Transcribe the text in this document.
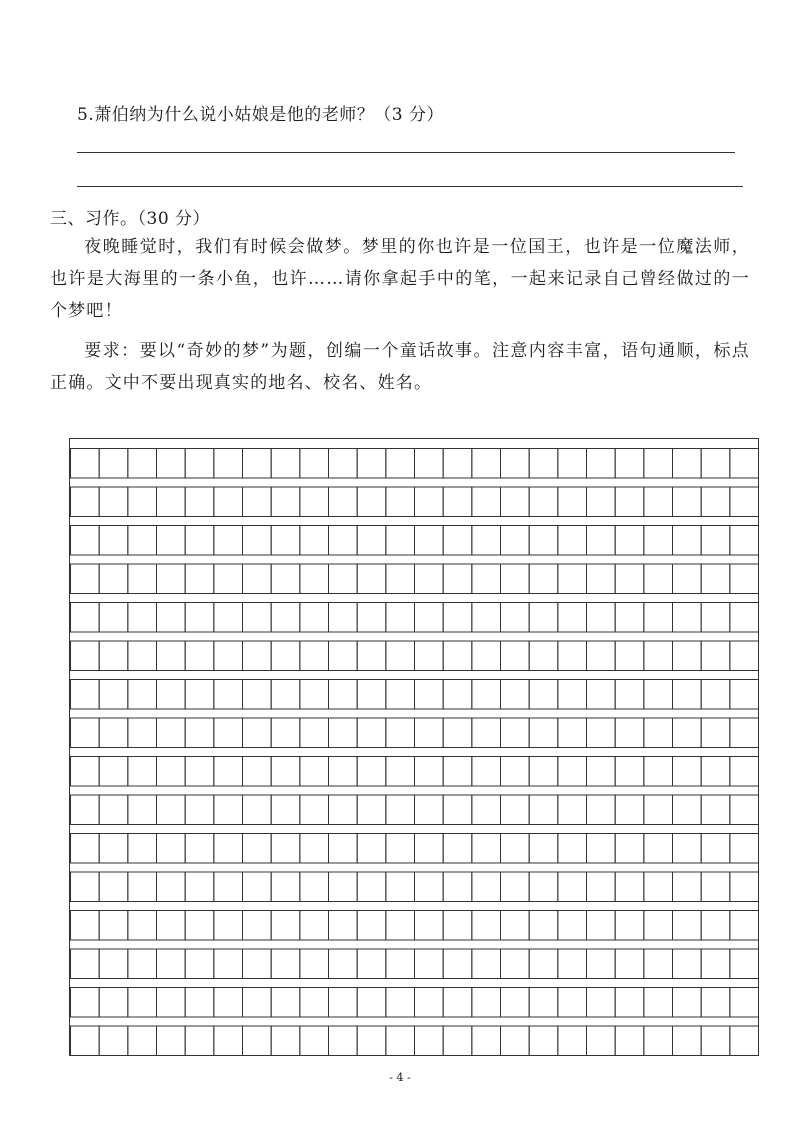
5.萧伯纳为什么说小姑娘是他的老师？（3 分）
三、习作。（30 分）
夜晚睡觉时，我们有时候会做梦。梦里的你也许是一位国王，也许是一位魔法师，也许是大海里的一条小鱼，也许……请你拿起手中的笔，一起来记录自己曾经做过的一个梦吧！
要求：要以“奇妙的梦”为题，创编一个童话故事。注意内容丰富，语句通顺，标点正确。文中不要出现真实的地名、校名、姓名。
- 4 -
